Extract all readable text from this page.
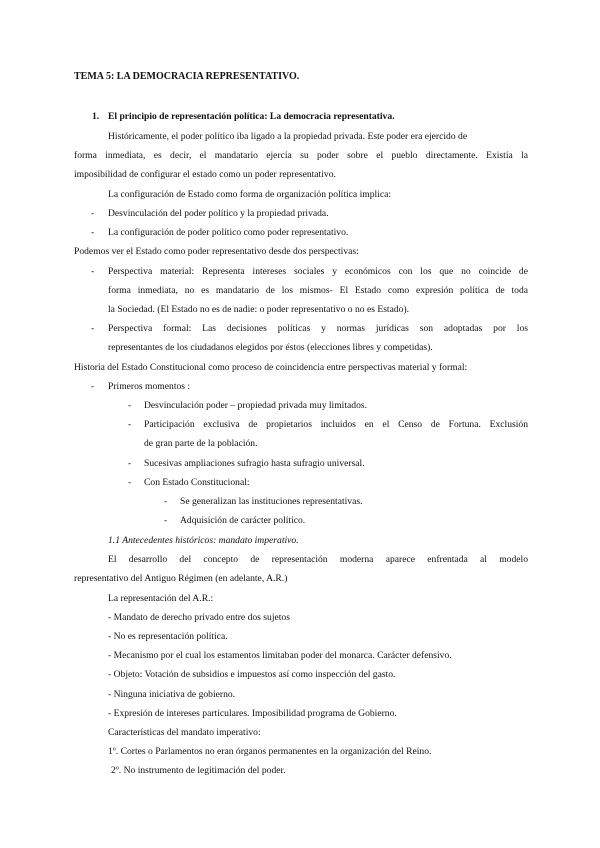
TEMA 5: LA DEMOCRACIA REPRESENTATIVO.
1. El principio de representación política: La democracia representativa.
Históricamente, el poder político iba ligado a la propiedad privada. Este poder era ejercido de
forma inmediata, es decir, el mandatario ejercía su poder sobre el pueblo directamente. Existía la
imposibilidad de configurar el estado como un poder representativo.
La configuración de Estado como forma de organización política implica:
- Desvinculación del poder político y la propiedad privada.
- La configuración de poder político como poder representativo.
Podemos ver el Estado como poder representativo desde dos perspectivas:
- Perspectiva material: Representa intereses sociales y económicos con los que no coincide de
forma inmediata, no es mandatario de los mismos- El Estado como expresión política de toda
la Sociedad. (El Estado no es de nadie: o poder representativo o no es Estado).
- Perspectiva formal: Las decisiones políticas y normas jurídicas son adoptadas por los
representantes de los ciudadanos elegidos por éstos (elecciones libres y competidas).
Historia del Estado Constitucional como proceso de coincidencia entre perspectivas material y formal:
- Primeros momentos :
- Desvinculación poder – propiedad privada muy limitados.
- Participación exclusiva de propietarios incluidos en el Censo de Fortuna. Exclusión
de gran parte de la población.
- Sucesivas ampliaciones sufragio hasta sufragio universal.
- Con Estado Constitucional:
- Se generalizan las instituciones representativas.
- Adquisición de carácter político.
1.1 Antecedentes históricos: mandato imperativo.
El desarrollo del concepto de representación moderna aparece enfrentada al modelo
representativo del Antiguo Régimen (en adelante, A.R.)
La representación del A.R.:
- Mandato de derecho privado entre dos sujetos
- No es representación política.
- Mecanismo por el cual los estamentos limitaban poder del monarca. Carácter defensivo.
- Objeto: Votación de subsidios e impuestos así como inspección del gasto.
- Ninguna iniciativa de gobierno.
- Expresión de intereses particulares. Imposibilidad programa de Gobierno.
Características del mandato imperativo:
1º. Cortes o Parlamentos no eran órganos permanentes en la organización del Reino.
2º. No instrumento de legitimación del poder.
